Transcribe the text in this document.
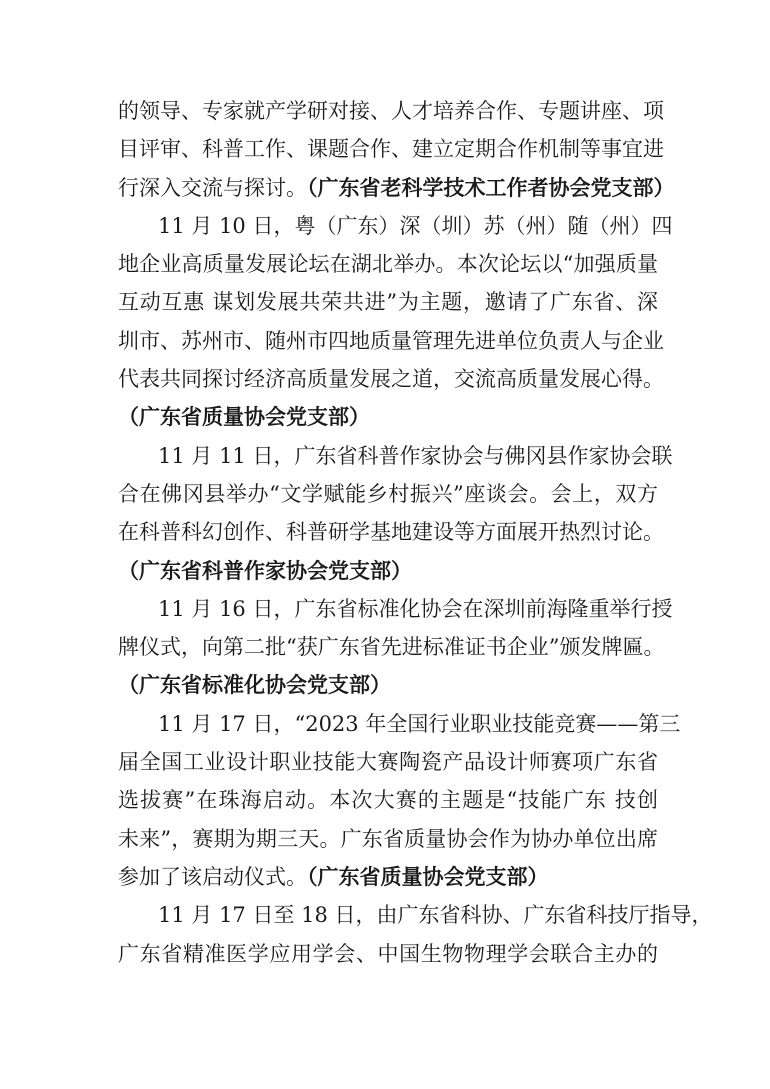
的领导、专家就产学研对接、人才培养合作、专题讲座、项
目评审、科普工作、课题合作、建立定期合作机制等事宜进
行深入交流与探讨。（广东省老科学技术工作者协会党支部）
11 月 10 日，粤（广东）深（圳）苏（州）随（州）四
地企业高质量发展论坛在湖北举办。本次论坛以“加强质量
互动互惠 谋划发展共荣共进”为主题，邀请了广东省、深
圳市、苏州市、随州市四地质量管理先进单位负责人与企业
代表共同探讨经济高质量发展之道，交流高质量发展心得。
（广东省质量协会党支部）
11 月 11 日，广东省科普作家协会与佛冈县作家协会联
合在佛冈县举办“文学赋能乡村振兴”座谈会。会上，双方
在科普科幻创作、科普研学基地建设等方面展开热烈讨论。
（广东省科普作家协会党支部）
11 月 16 日，广东省标准化协会在深圳前海隆重举行授
牌仪式，向第二批“获广东省先进标准证书企业”颁发牌匾。
（广东省标准化协会党支部）
11 月 17 日，“2023 年全国行业职业技能竞赛——第三
届全国工业设计职业技能大赛陶瓷产品设计师赛项广东省
选拔赛”在珠海启动。本次大赛的主题是“技能广东 技创
未来”，赛期为期三天。广东省质量协会作为协办单位出席
参加了该启动仪式。（广东省质量协会党支部）
11 月 17 日至 18 日，由广东省科协、广东省科技厅指导，
广东省精准医学应用学会、中国生物物理学会联合主办的
